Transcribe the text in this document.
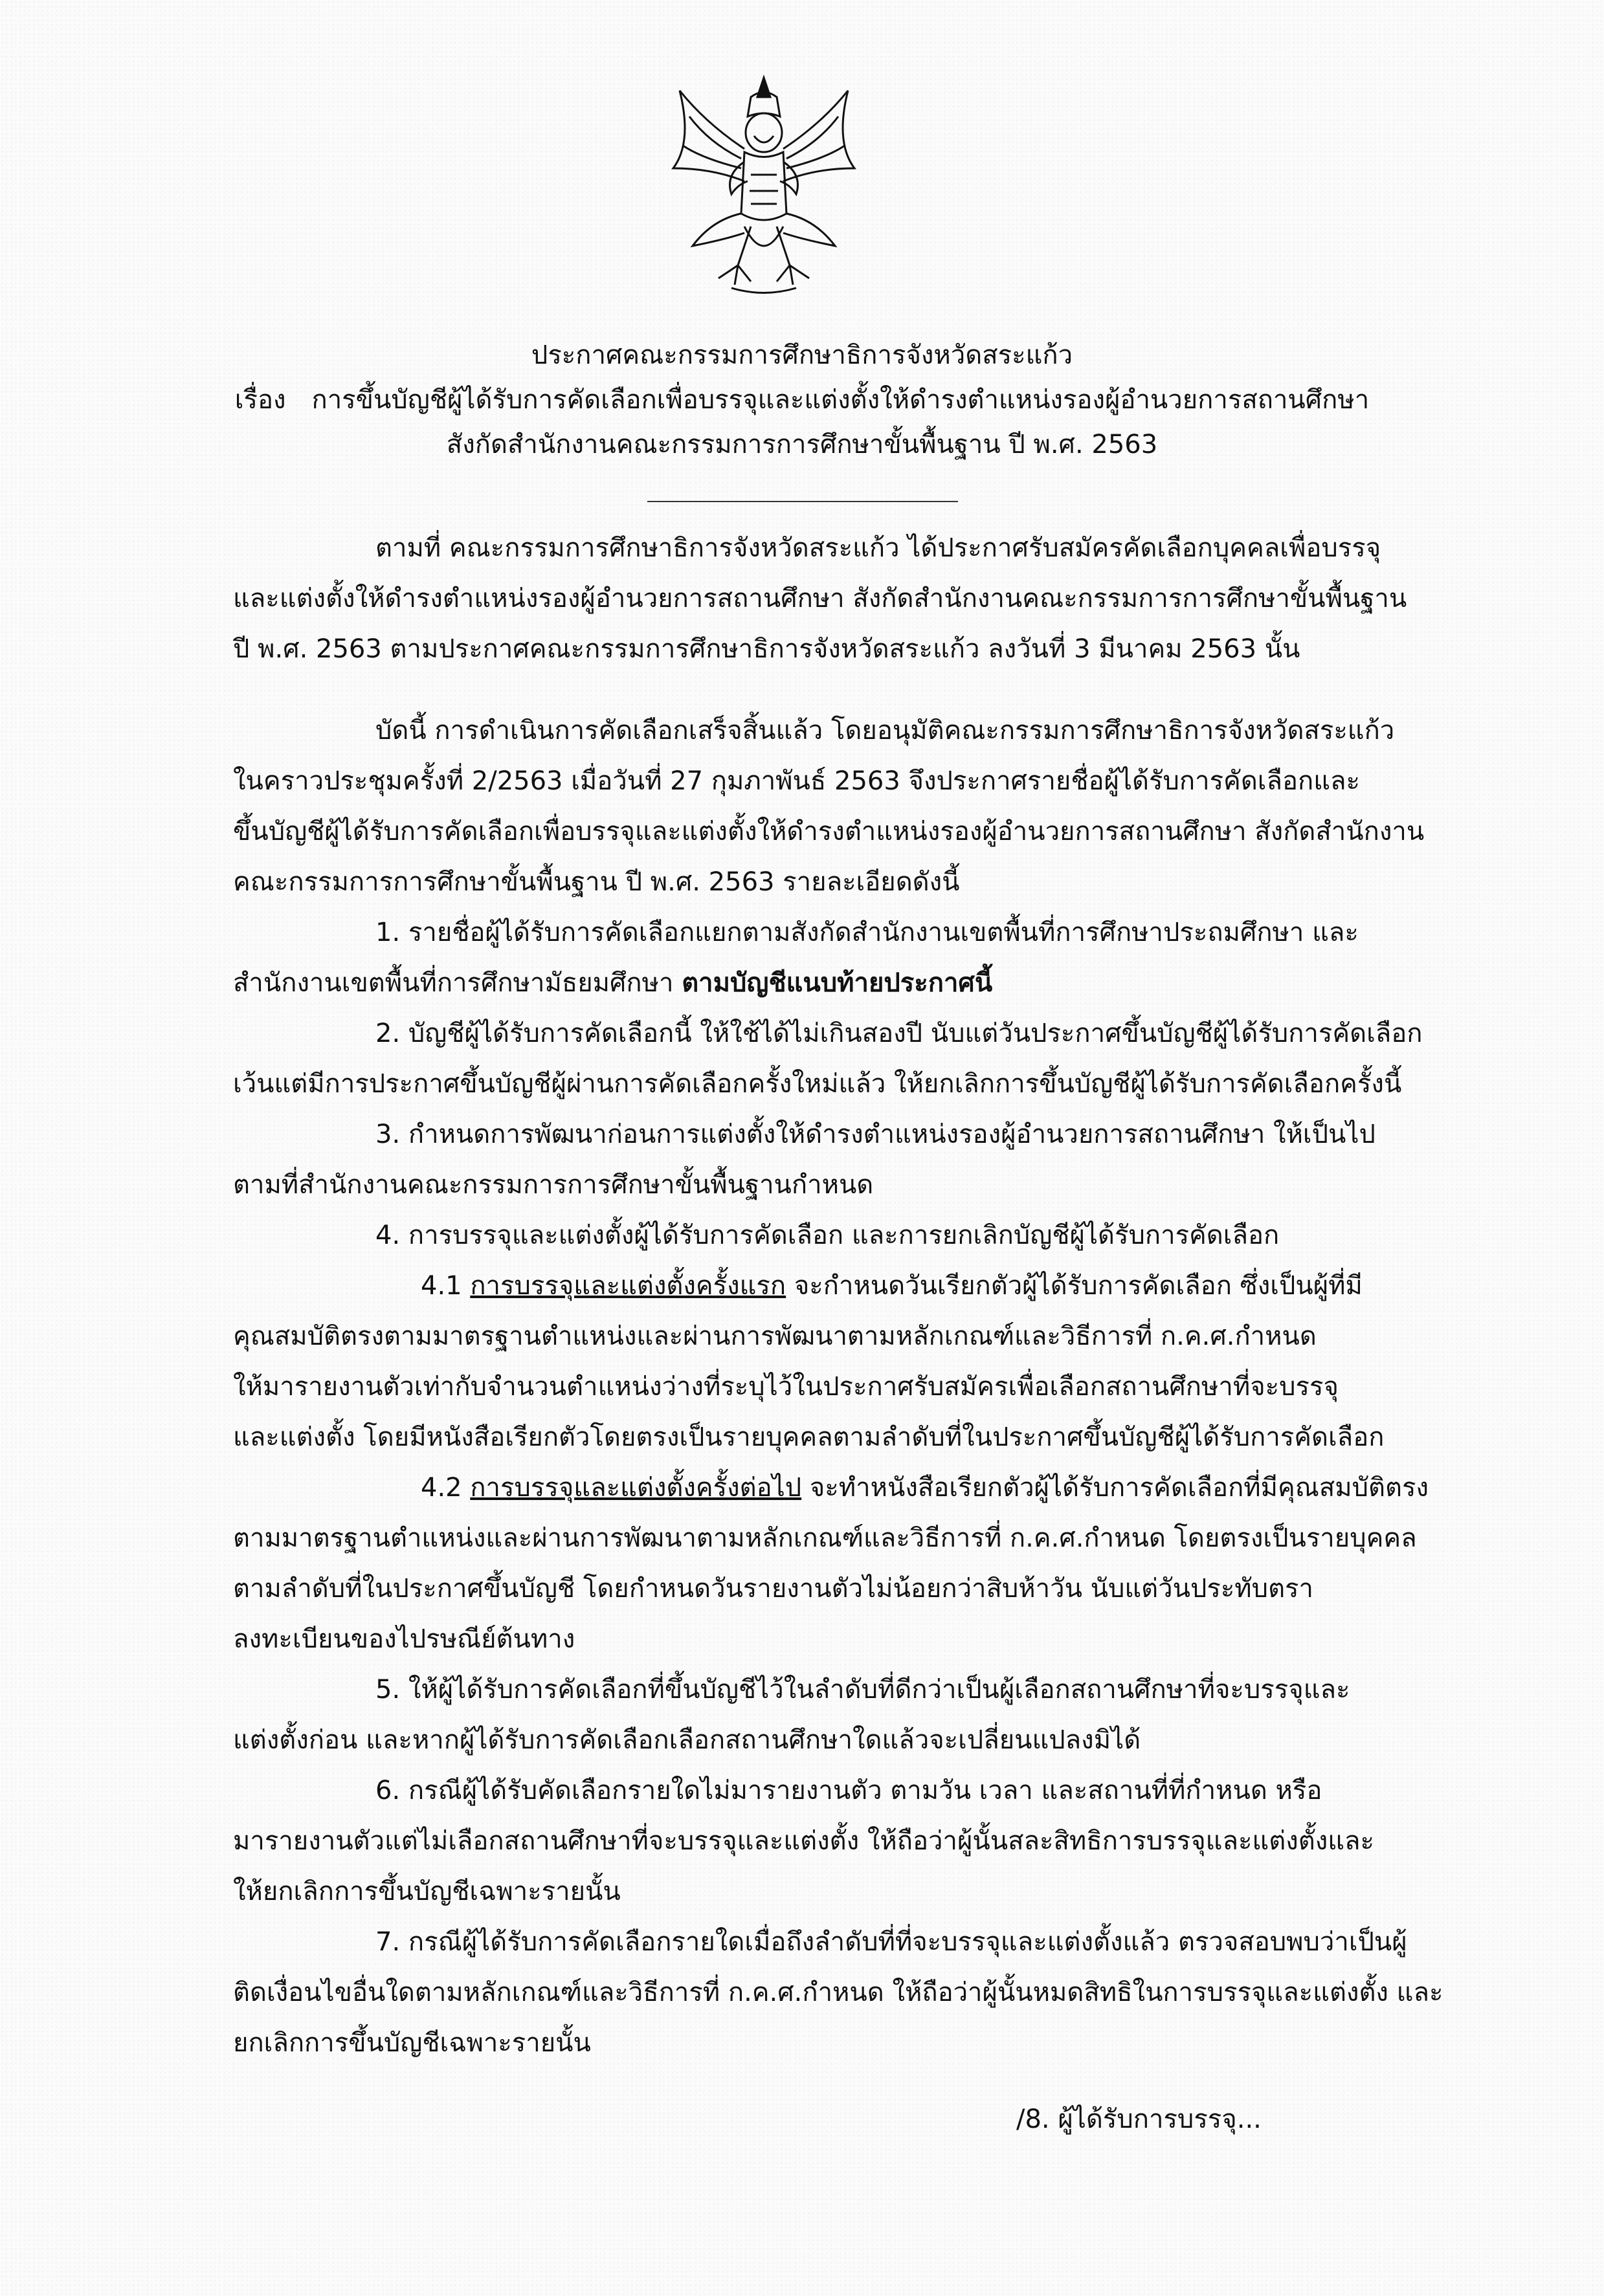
ประกาศคณะกรรมการศึกษาธิการจังหวัดสระแก้ว
เรื่อง การขึ้นบัญชีผู้ได้รับการคัดเลือกเพื่อบรรจุและแต่งตั้งให้ดำรงตำแหน่งรองผู้อำนวยการสถานศึกษา
สังกัดสำนักงานคณะกรรมการการศึกษาขั้นพื้นฐาน ปี พ.ศ. 2563
ตามที่ คณะกรรมการศึกษาธิการจังหวัดสระแก้ว ได้ประกาศรับสมัครคัดเลือกบุคคลเพื่อบรรจุ
และแต่งตั้งให้ดำรงตำแหน่งรองผู้อำนวยการสถานศึกษา สังกัดสำนักงานคณะกรรมการการศึกษาขั้นพื้นฐาน
ปี พ.ศ. 2563 ตามประกาศคณะกรรมการศึกษาธิการจังหวัดสระแก้ว ลงวันที่ 3 มีนาคม 2563 นั้น
บัดนี้ การดำเนินการคัดเลือกเสร็จสิ้นแล้ว โดยอนุมัติคณะกรรมการศึกษาธิการจังหวัดสระแก้ว
ในคราวประชุมครั้งที่ 2/2563 เมื่อวันที่ 27 กุมภาพันธ์ 2563 จึงประกาศรายชื่อผู้ได้รับการคัดเลือกและ
ขึ้นบัญชีผู้ได้รับการคัดเลือกเพื่อบรรจุและแต่งตั้งให้ดำรงตำแหน่งรองผู้อำนวยการสถานศึกษา สังกัดสำนักงาน
คณะกรรมการการศึกษาขั้นพื้นฐาน ปี พ.ศ. 2563 รายละเอียดดังนี้
1. รายชื่อผู้ได้รับการคัดเลือกแยกตามสังกัดสำนักงานเขตพื้นที่การศึกษาประถมศึกษา และ
สำนักงานเขตพื้นที่การศึกษามัธยมศึกษา ตามบัญชีแนบท้ายประกาศนี้
2. บัญชีผู้ได้รับการคัดเลือกนี้ ให้ใช้ได้ไม่เกินสองปี นับแต่วันประกาศขึ้นบัญชีผู้ได้รับการคัดเลือก
เว้นแต่มีการประกาศขึ้นบัญชีผู้ผ่านการคัดเลือกครั้งใหม่แล้ว ให้ยกเลิกการขึ้นบัญชีผู้ได้รับการคัดเลือกครั้งนี้
3. กำหนดการพัฒนาก่อนการแต่งตั้งให้ดำรงตำแหน่งรองผู้อำนวยการสถานศึกษา ให้เป็นไป
ตามที่สำนักงานคณะกรรมการการศึกษาขั้นพื้นฐานกำหนด
4. การบรรจุและแต่งตั้งผู้ได้รับการคัดเลือก และการยกเลิกบัญชีผู้ได้รับการคัดเลือก
4.1 การบรรจุและแต่งตั้งครั้งแรก จะกำหนดวันเรียกตัวผู้ได้รับการคัดเลือก ซึ่งเป็นผู้ที่มี
คุณสมบัติตรงตามมาตรฐานตำแหน่งและผ่านการพัฒนาตามหลักเกณฑ์และวิธีการที่ ก.ค.ศ.กำหนด
ให้มารายงานตัวเท่ากับจำนวนตำแหน่งว่างที่ระบุไว้ในประกาศรับสมัครเพื่อเลือกสถานศึกษาที่จะบรรจุ
และแต่งตั้ง โดยมีหนังสือเรียกตัวโดยตรงเป็นรายบุคคลตามลำดับที่ในประกาศขึ้นบัญชีผู้ได้รับการคัดเลือก
4.2 การบรรจุและแต่งตั้งครั้งต่อไป จะทำหนังสือเรียกตัวผู้ได้รับการคัดเลือกที่มีคุณสมบัติตรง
ตามมาตรฐานตำแหน่งและผ่านการพัฒนาตามหลักเกณฑ์และวิธีการที่ ก.ค.ศ.กำหนด โดยตรงเป็นรายบุคคล
ตามลำดับที่ในประกาศขึ้นบัญชี โดยกำหนดวันรายงานตัวไม่น้อยกว่าสิบห้าวัน นับแต่วันประทับตรา
ลงทะเบียนของไปรษณีย์ต้นทาง
5. ให้ผู้ได้รับการคัดเลือกที่ขึ้นบัญชีไว้ในลำดับที่ดีกว่าเป็นผู้เลือกสถานศึกษาที่จะบรรจุและ
แต่งตั้งก่อน และหากผู้ได้รับการคัดเลือกเลือกสถานศึกษาใดแล้วจะเปลี่ยนแปลงมิได้
6. กรณีผู้ได้รับคัดเลือกรายใดไม่มารายงานตัว ตามวัน เวลา และสถานที่ที่กำหนด หรือ
มารายงานตัวแต่ไม่เลือกสถานศึกษาที่จะบรรจุและแต่งตั้ง ให้ถือว่าผู้นั้นสละสิทธิการบรรจุและแต่งตั้งและ
ให้ยกเลิกการขึ้นบัญชีเฉพาะรายนั้น
7. กรณีผู้ได้รับการคัดเลือกรายใดเมื่อถึงลำดับที่ที่จะบรรจุและแต่งตั้งแล้ว ตรวจสอบพบว่าเป็นผู้
ติดเงื่อนไขอื่นใดตามหลักเกณฑ์และวิธีการที่ ก.ค.ศ.กำหนด ให้ถือว่าผู้นั้นหมดสิทธิในการบรรจุและแต่งตั้ง และ
ยกเลิกการขึ้นบัญชีเฉพาะรายนั้น
/8. ผู้ได้รับการบรรจุ...
